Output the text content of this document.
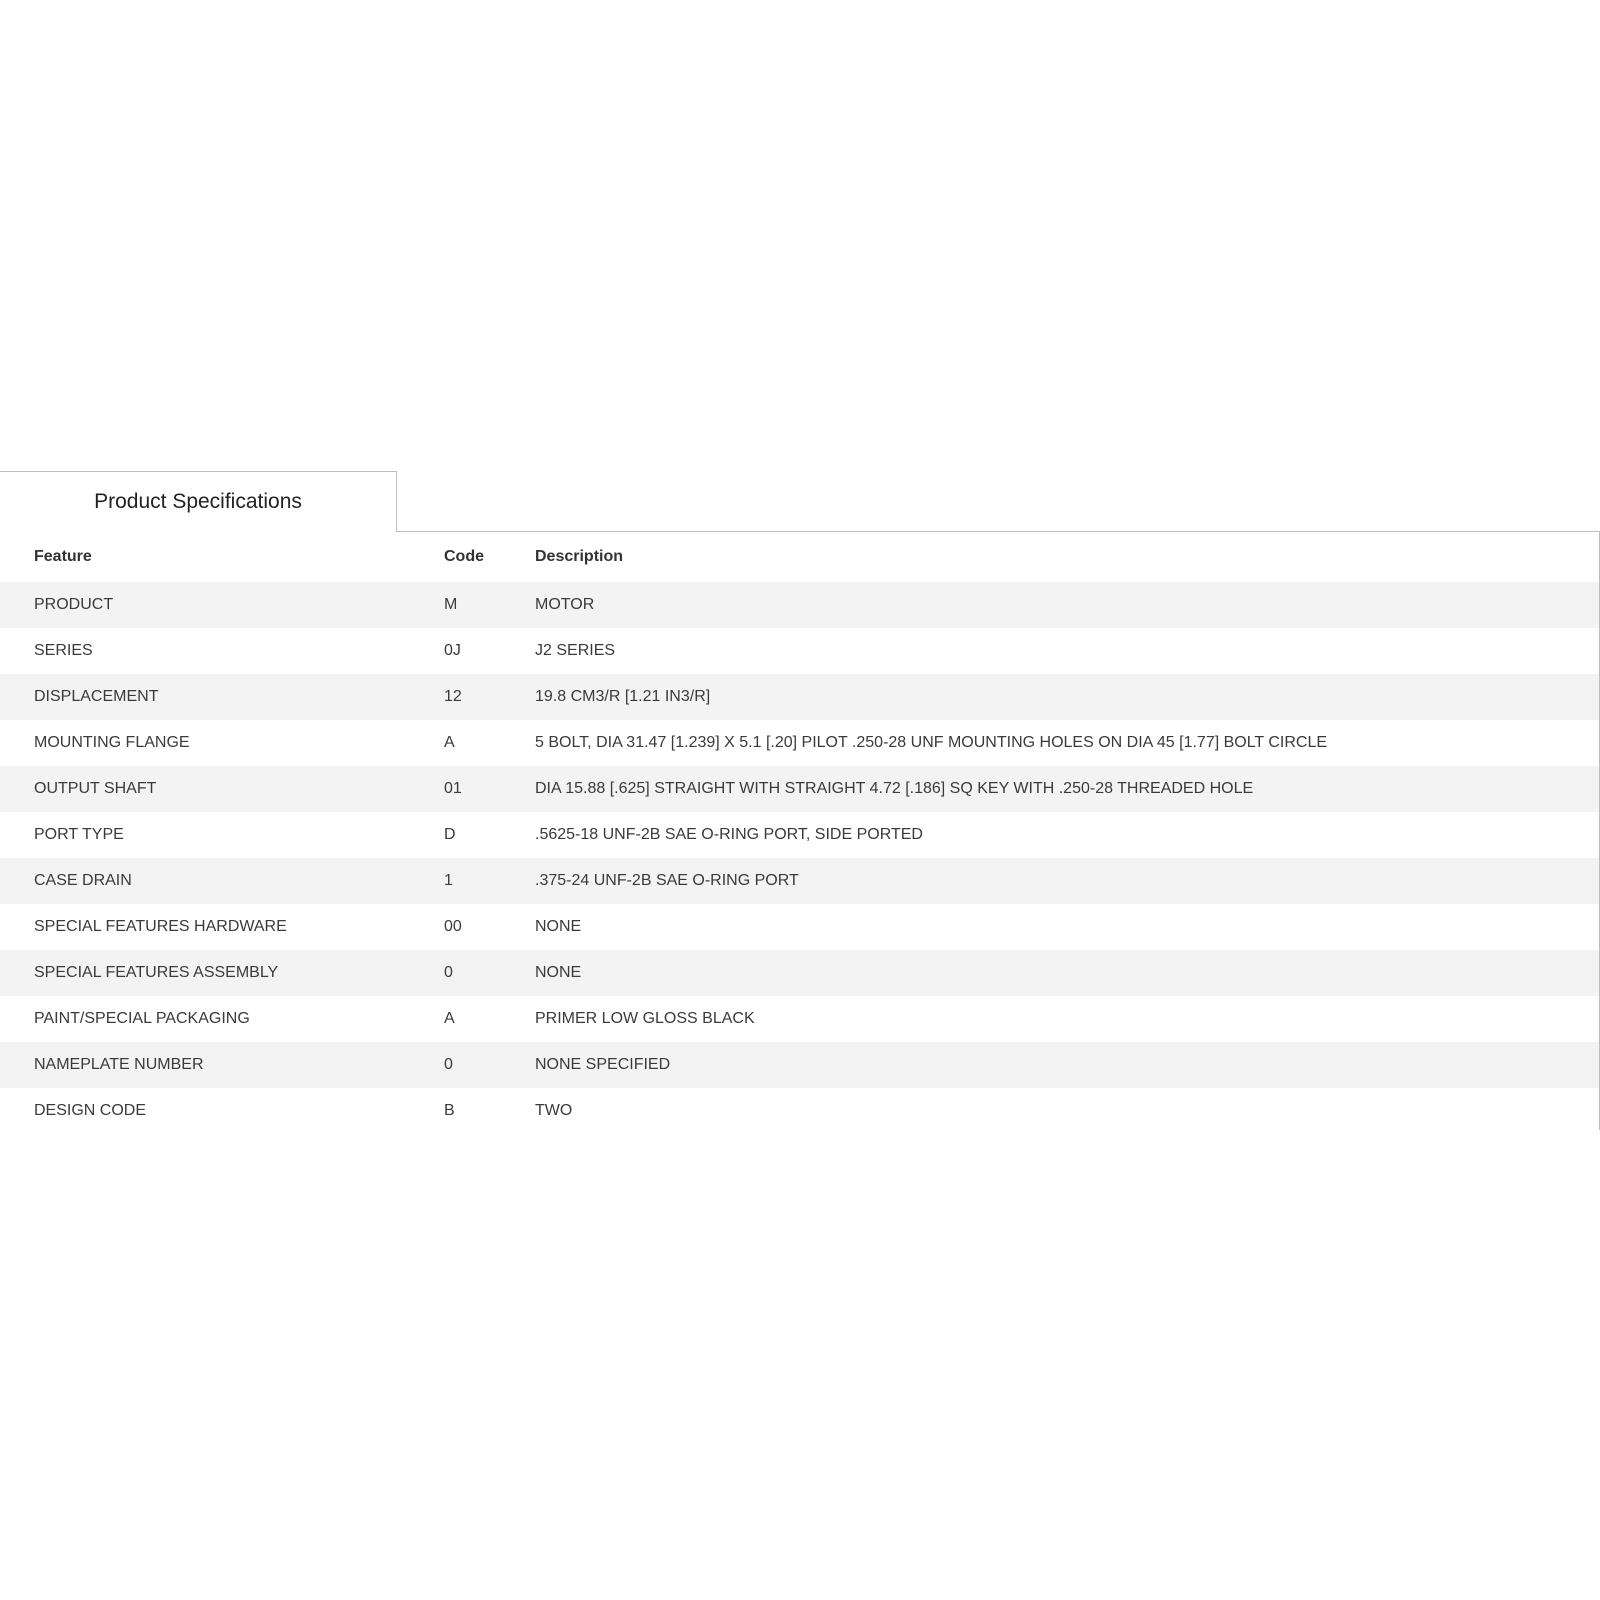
Product Specifications
Feature	Code	Description
PRODUCT	M	MOTOR
SERIES	0J	J2 SERIES
DISPLACEMENT	12	19.8 CM3/R [1.21 IN3/R]
MOUNTING FLANGE	A	5 BOLT, DIA 31.47 [1.239] X 5.1 [.20] PILOT .250-28 UNF MOUNTING HOLES ON DIA 45 [1.77] BOLT CIRCLE
OUTPUT SHAFT	01	DIA 15.88 [.625] STRAIGHT WITH STRAIGHT 4.72 [.186] SQ KEY WITH .250-28 THREADED HOLE
PORT TYPE	D	.5625-18 UNF-2B SAE O-RING PORT, SIDE PORTED
CASE DRAIN	1	.375-24 UNF-2B SAE O-RING PORT
SPECIAL FEATURES HARDWARE	00	NONE
SPECIAL FEATURES ASSEMBLY	0	NONE
PAINT/SPECIAL PACKAGING	A	PRIMER LOW GLOSS BLACK
NAMEPLATE NUMBER	0	NONE SPECIFIED
DESIGN CODE	B	TWO
